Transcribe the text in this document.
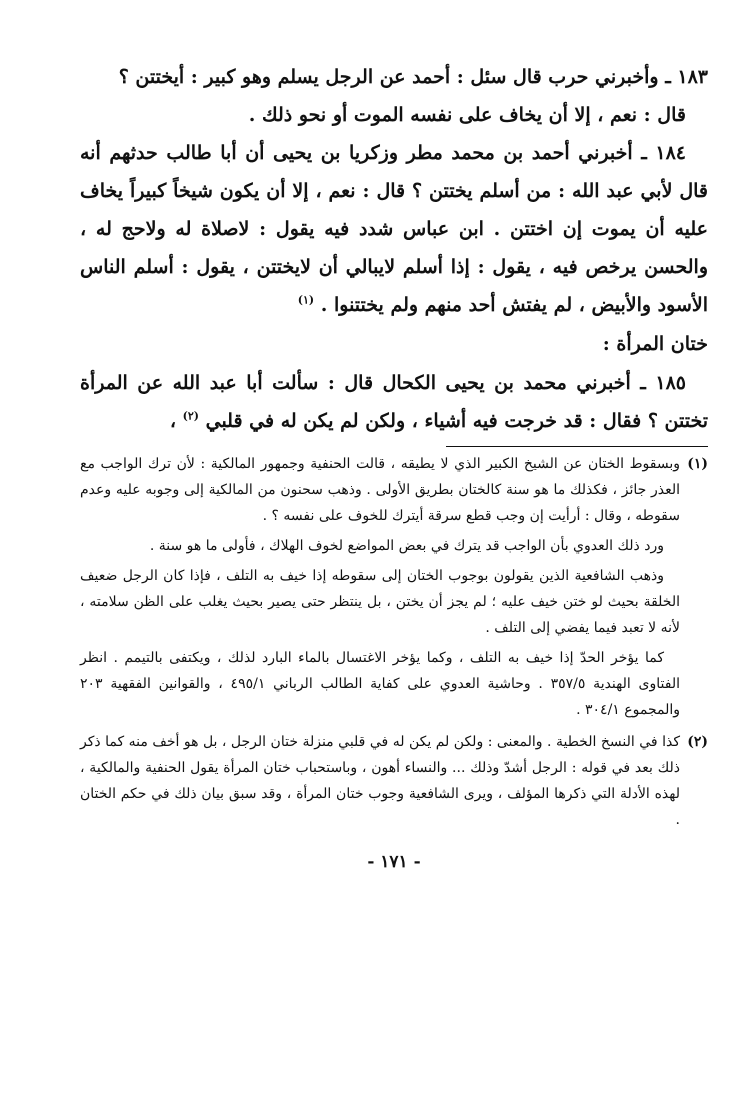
١٨٣ ـ وأخبرني حرب قال سئل : أحمد عن الرجل يسلم وهو كبير : أيختتن ؟

قال : نعم ، إلا أن يخاف على نفسه الموت أو نحو ذلك .

١٨٤ ـ أخبرني أحمد بن محمد مطر وزكريا بن يحيى أن أبا طالب حدثهم أنه قال لأبي عبد الله : من أسلم يختتن ؟ قال : نعم ، إلا أن يكون شيخاً كبيراً يخاف عليه أن يموت إن اختتن . ابن عباس شدد فيه يقول : لاصلاة له ولاحج له ، والحسن يرخص فيه ، يقول : إذا أسلم لايبالي أن لايختتن ، يقول : أسلم الناس الأسود والأبيض ، لم يفتش أحد منهم ولم يختتنوا . $^{(١)}$

ختان المرأة :

١٨٥ ـ أخبرني محمد بن يحيى الكحال قال : سألت أبا عبد الله عن المرأة تختتن ؟ فقال : قد خرجت فيه أشياء ، ولكن لم يكن له في قلبي $^{(٢)}$ ،

(١)

وبسقوط الختان عن الشيخ الكبير الذي لا يطيقه ، قالت الحنفية وجمهور المالكية : لأن ترك الواجب مع العذر جائز ، فكذلك ما هو سنة كالختان بطريق الأولى . وذهب سحنون من المالكية إلى وجوبه عليه وعدم سقوطه ، وقال : أرأيت إن وجب قطع سرقة أيترك للخوف على نفسه ؟ .

ورد ذلك العدوي بأن الواجب قد يترك في بعض المواضع لخوف الهلاك ، فأولى ما هو سنة .

وذهب الشافعية الذين يقولون بوجوب الختان إلى سقوطه إذا خيف به التلف ، فإذا كان الرجل ضعيف الخلقة بحيث لو ختن خيف عليه ؛ لم يجز أن يختن ، بل ينتظر حتى يصير بحيث يغلب على الظن سلامته ، لأنه لا تعبد فيما يفضي إلى التلف .

كما يؤخر الحدّ إذا خيف به التلف ، وكما يؤخر الاغتسال بالماء البارد لذلك ، ويكتفى بالتيمم . انظر الفتاوى الهندية ٣٥٧/٥ . وحاشية العدوي على كفاية الطالب الرباني ٤٩٥/١ ، والقوانين الفقهية ٢٠٣ والمجموع ٣٠٤/١ .

(٢)

كذا في النسخ الخطية . والمعنى : ولكن لم يكن له في قلبي منزلة ختان الرجل ، بل هو أخف منه كما ذكر ذلك بعد في قوله : الرجل أشدّ وذلك ... والنساء أهون ، وباستحباب ختان المرأة يقول الحنفية والمالكية ، لهذه الأدلة التي ذكرها المؤلف ، ويرى الشافعية وجوب ختان المرأة ، وقد سبق بيان ذلك في حكم الختان .

- ١٧١ -
